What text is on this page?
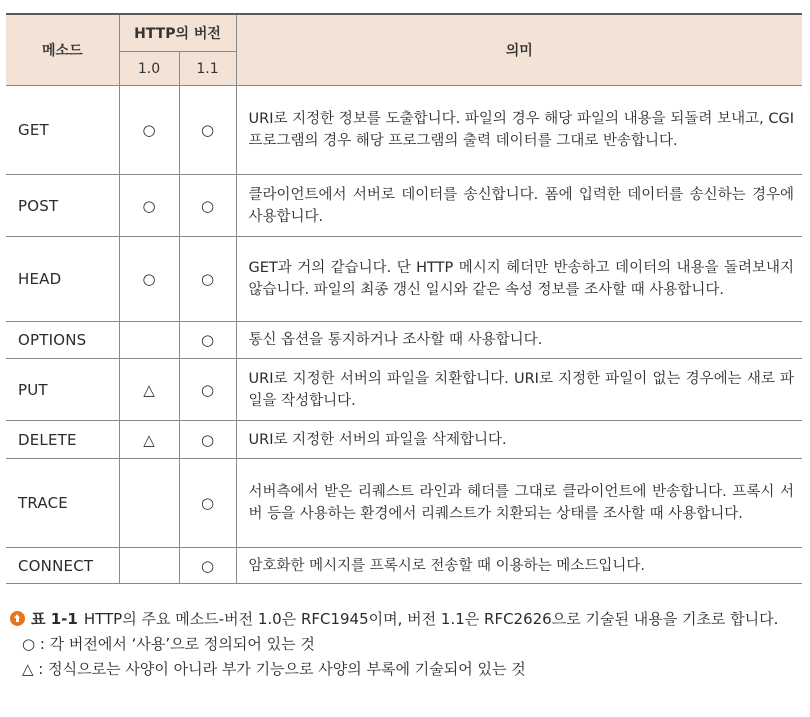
메소드	HTTP의 버전		의미
	1.0	1.1	
GET	○	○	URI로 지정한 정보를 도출합니다. 파일의 경우 해당 파일의 내용을 되돌려 보내고, CGI 프로그램의 경우 해당 프로그램의 출력 데이터를 그대로 반송합니다.
POST	○	○	클라이언트에서 서버로 데이터를 송신합니다. 폼에 입력한 데이터를 송신하는 경우에 사용합니다.
HEAD	○	○	GET과 거의 같습니다. 단 HTTP 메시지 헤더만 반송하고 데이터의 내용을 돌려보내지 않습니다. 파일의 최종 갱신 일시와 같은 속성 정보를 조사할 때 사용합니다.
OPTIONS		○	통신 옵션을 통지하거나 조사할 때 사용합니다.
PUT	△	○	URI로 지정한 서버의 파일을 치환합니다. URI로 지정한 파일이 없는 경우에는 새로 파일을 작성합니다.
DELETE	△	○	URI로 지정한 서버의 파일을 삭제합니다.
TRACE		○	서버측에서 받은 리퀘스트 라인과 헤더를 그대로 클라이언트에 반송합니다. 프록시 서버 등을 사용하는 환경에서 리퀘스트가 치환되는 상태를 조사할 때 사용합니다.
CONNECT		○	암호화한 메시지를 프록시로 전송할 때 이용하는 메소드입니다.
표 1-1 HTTP의 주요 메소드-버전 1.0은 RFC1945이며, 버전 1.1은 RFC2626으로 기술된 내용을 기초로 합니다.
○ : 각 버전에서 ‘사용’으로 정의되어 있는 것
△ : 정식으로는 사양이 아니라 부가 기능으로 사양의 부록에 기술되어 있는 것
